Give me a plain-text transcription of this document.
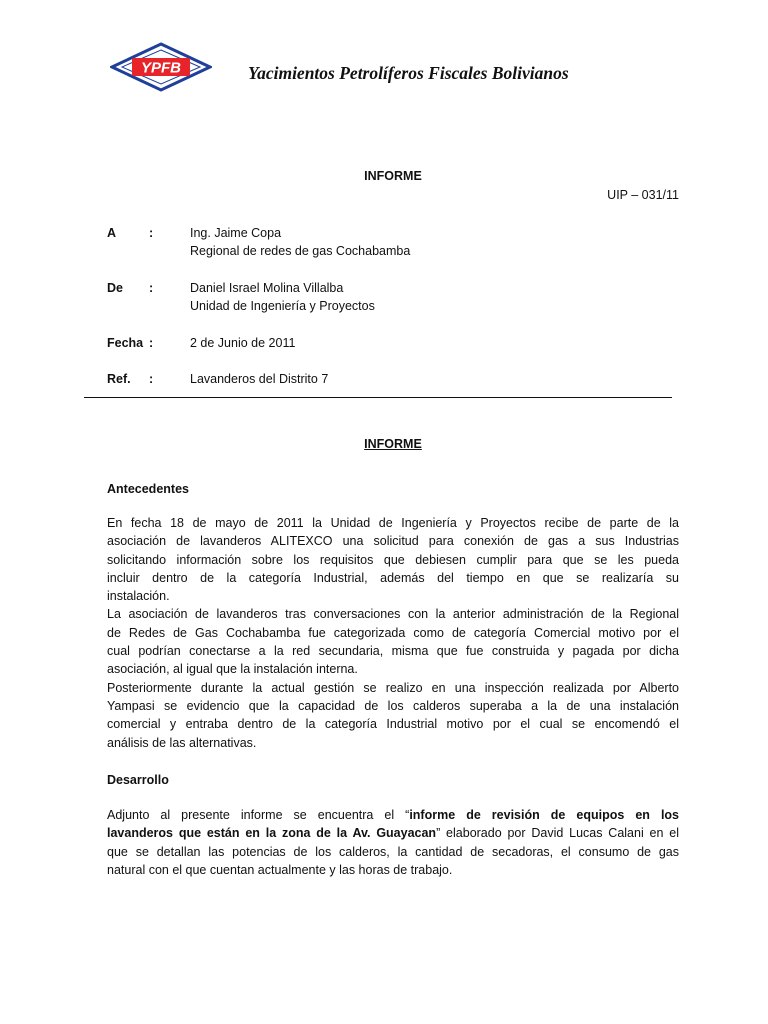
YPFB	Yacimientos Petrolíferos Fiscales Bolivianos
INFORME
UIP – 031/11
A	:	Ing. Jaime Copa
Regional de redes de gas Cochabamba
De	:	Daniel Israel Molina Villalba
Unidad de Ingeniería y Proyectos
Fecha :	2 de Junio de 2011
Ref.	:	Lavanderos del Distrito 7
INFORME
Antecedentes
En fecha 18 de mayo de 2011 la Unidad de Ingeniería y Proyectos recibe de parte de la
asociación de lavanderos ALITEXCO una solicitud para conexión de gas a sus Industrias
solicitando información sobre los requisitos que debiesen cumplir para que se les pueda
incluir dentro de la categoría Industrial, además del tiempo en que se realizaría su
instalación.
La asociación de lavanderos tras conversaciones con la anterior administración de la Regional
de Redes de Gas Cochabamba fue categorizada como de categoría Comercial motivo por el
cual podrían conectarse a la red secundaria, misma que fue construida y pagada por dicha
asociación, al igual que la instalación interna.
Posteriormente durante la actual gestión se realizo en una inspección realizada por Alberto
Yampasi se evidencio que la capacidad de los calderos superaba a la de una instalación
comercial y entraba dentro de la categoría Industrial motivo por el cual se encomendó el
análisis de las alternativas.
Desarrollo
Adjunto al presente informe se encuentra el “informe de revisión de equipos en los
lavanderos que están en la zona de la Av. Guayacan” elaborado por David Lucas Calani en el
que se detallan las potencias de los calderos, la cantidad de secadoras, el consumo de gas
natural con el que cuentan actualmente y las horas de trabajo.
